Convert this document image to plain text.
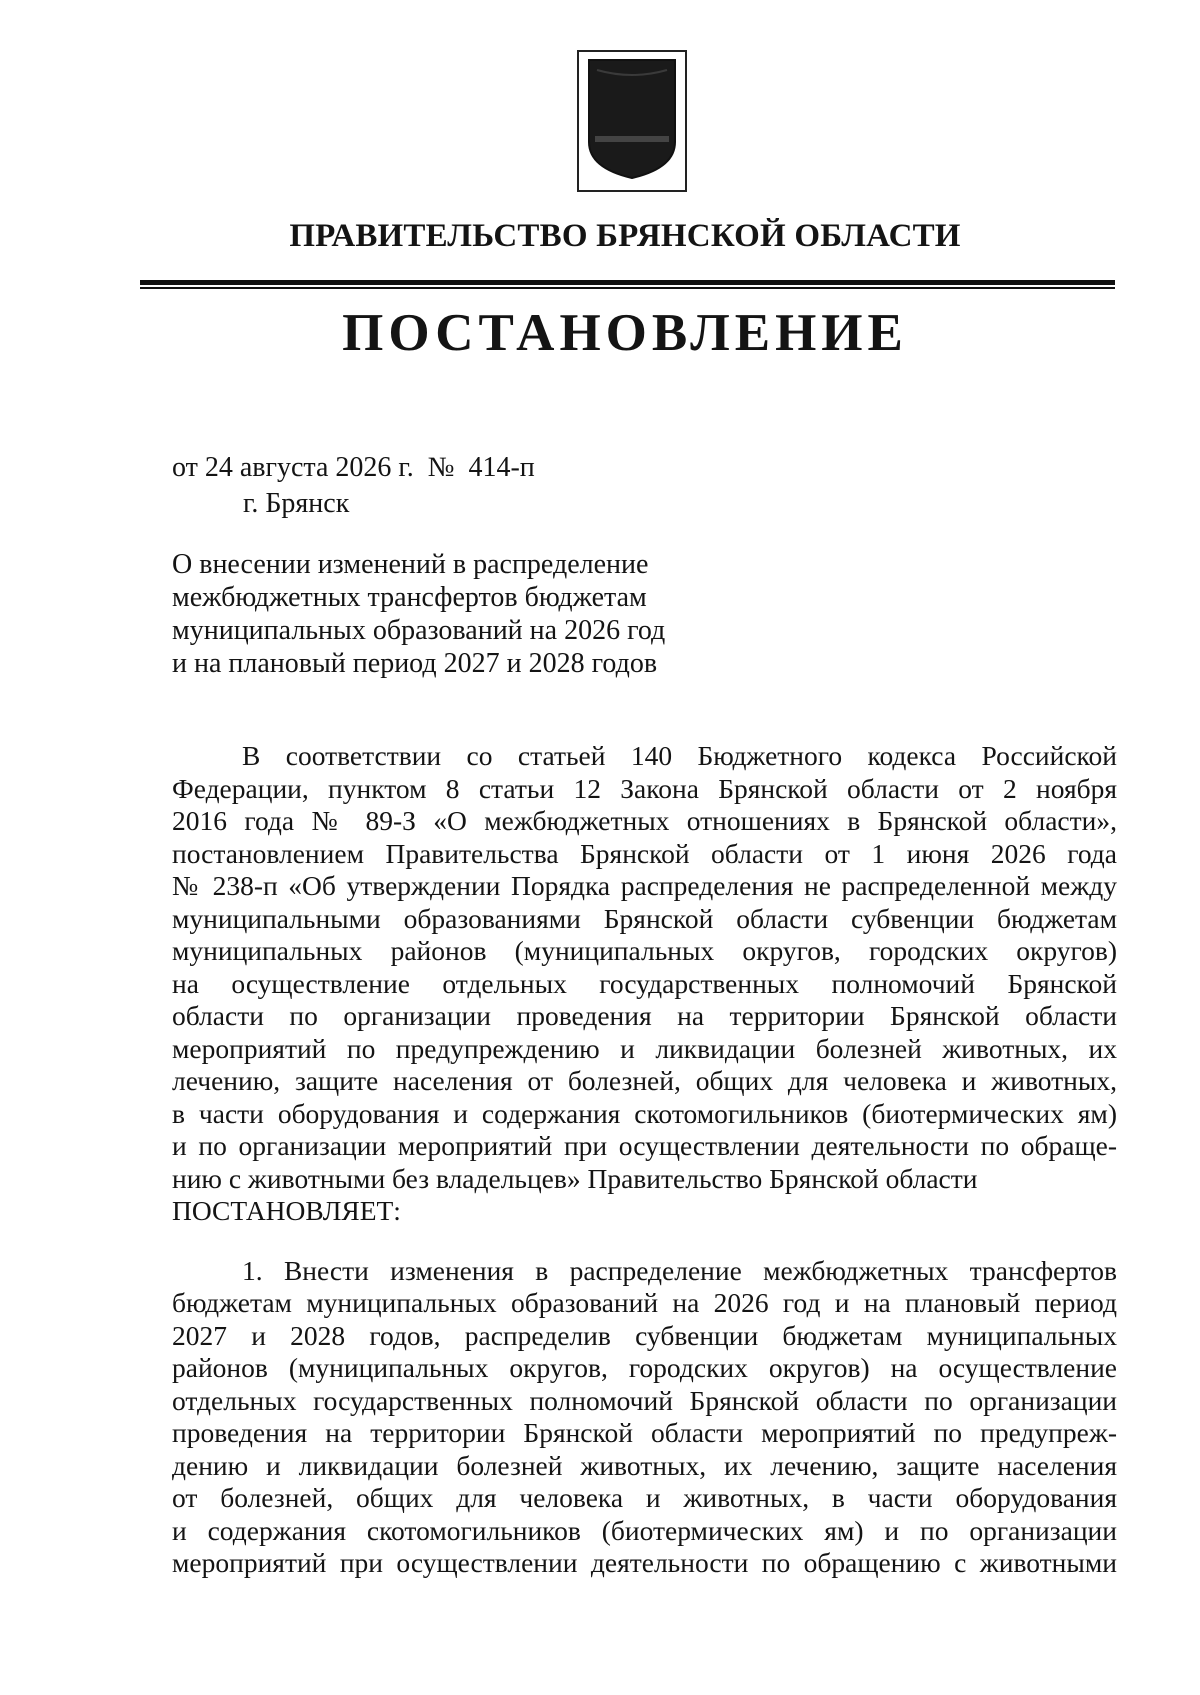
ПРАВИТЕЛЬСТВО БРЯНСКОЙ ОБЛАСТИ
ПОСТАНОВЛЕНИЕ
от 24 августа 2026 г.  №  414-п
г. Брянск
О внесении изменений в распределение
межбюджетных трансфертов бюджетам
муниципальных образований на 2026 год
и на плановый период 2027 и 2028 годов
В соответствии со статьей 140 Бюджетного кодекса Российской
Федерации, пунктом 8 статьи 12 Закона Брянской области от 2 ноября
2016 года № 89-З «О межбюджетных отношениях в Брянской области»,
постановлением Правительства Брянской области от 1 июня 2026 года
№ 238-п «Об утверждении Порядка распределения не распределенной между
муниципальными образованиями Брянской области субвенции бюджетам
муниципальных районов (муниципальных округов, городских округов)
на осуществление отдельных государственных полномочий Брянской
области по организации проведения на территории Брянской области
мероприятий по предупреждению и ликвидации болезней животных, их
лечению, защите населения от болезней, общих для человека и животных,
в части оборудования и содержания скотомогильников (биотермических ям)
и по организации мероприятий при осуществлении деятельности по обраще-
нию с животными без владельцев» Правительство Брянской области
ПОСТАНОВЛЯЕТ:
1. Внести изменения в распределение межбюджетных трансфертов
бюджетам муниципальных образований на 2026 год и на плановый период
2027 и 2028 годов, распределив субвенции бюджетам муниципальных
районов (муниципальных округов, городских округов) на осуществление
отдельных государственных полномочий Брянской области по организации
проведения на территории Брянской области мероприятий по предупреж-
дению и ликвидации болезней животных, их лечению, защите населения
от болезней, общих для человека и животных, в части оборудования
и содержания скотомогильников (биотермических ям) и по организации
мероприятий при осуществлении деятельности по обращению с животными
